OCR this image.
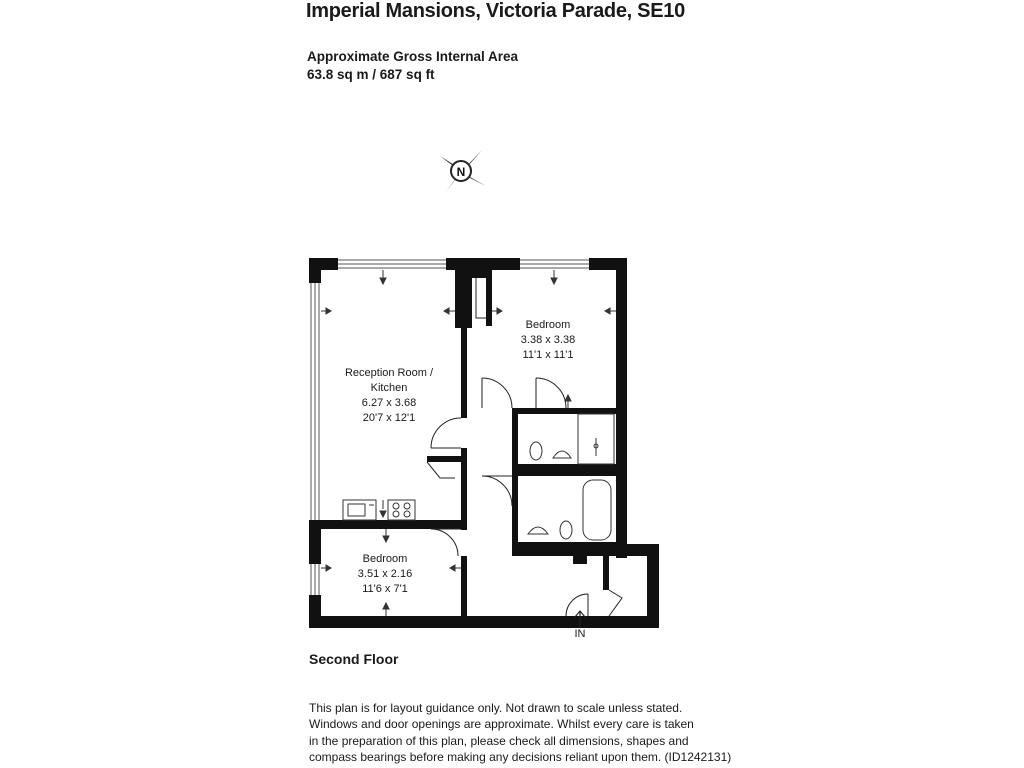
Imperial Mansions, Victoria Parade, SE10
Approximate Gross Internal Area
63.8 sq m / 687 sq ft
N
IN
Bedroom
3.38 x 3.38
11'1 x 11'1
Reception Room /
Kitchen
6.27 x 3.68
20'7 x 12'1
Bedroom
3.51 x 2.16
11'6 x 7'1
Second Floor
This plan is for layout guidance only. Not drawn to scale unless stated.
Windows and door openings are approximate. Whilst every care is taken
in the preparation of this plan, please check all dimensions, shapes and
compass bearings before making any decisions reliant upon them. (ID1242131)
